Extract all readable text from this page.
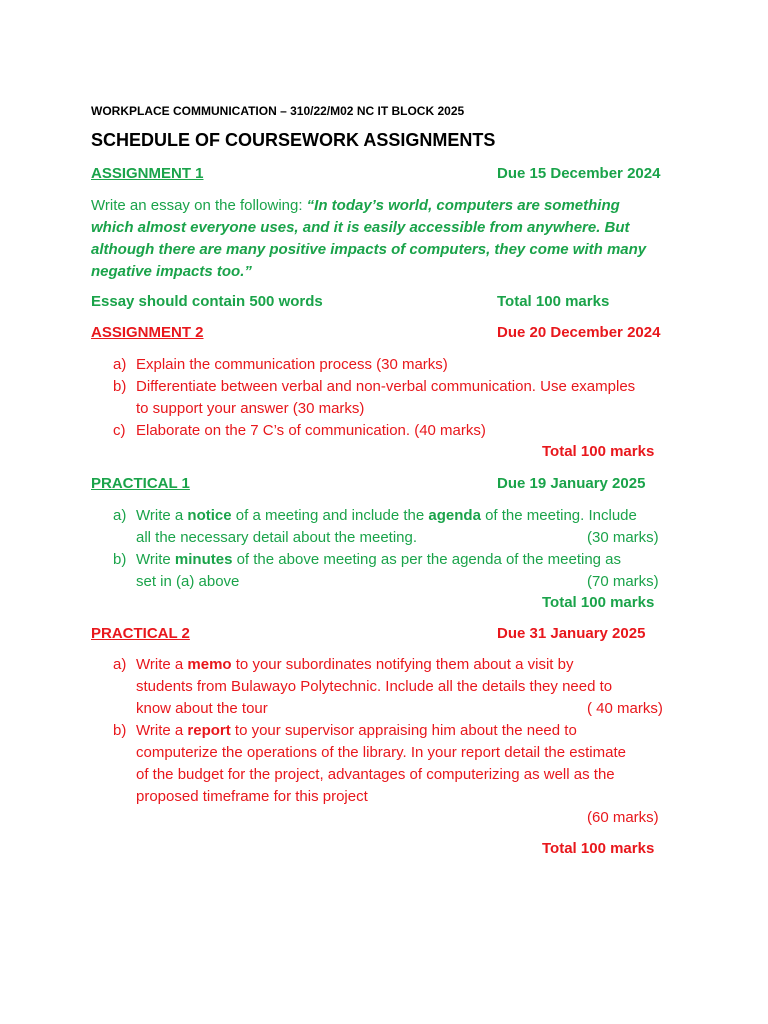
WORKPLACE COMMUNICATION – 310/22/M02 NC IT BLOCK 2025
SCHEDULE OF COURSEWORK ASSIGNMENTS
ASSIGNMENT 1	Due 15 December 2024
Write an essay on the following: “In today’s world, computers are something
which almost everyone uses, and it is easily accessible from anywhere. But
although there are many positive impacts of computers, they come with many
negative impacts too.”
Essay should contain 500 words	Total 100 marks
ASSIGNMENT 2	Due 20 December 2024
a) Explain the communication process (30 marks)
b) Differentiate between verbal and non-verbal communication. Use examples
to support your answer (30 marks)
c) Elaborate on the 7 C’s of communication. (40 marks)
Total 100 marks
PRACTICAL 1	Due 19 January 2025
a) Write a notice of a meeting and include the agenda of the meeting. Include
all the necessary detail about the meeting.	(30 marks)
b) Write minutes of the above meeting as per the agenda of the meeting as
set in (a) above	(70 marks)
Total 100 marks
PRACTICAL 2	Due 31 January 2025
a) Write a memo to your subordinates notifying them about a visit by
students from Bulawayo Polytechnic. Include all the details they need to
know about the tour	( 40 marks)
b) Write a report to your supervisor appraising him about the need to
computerize the operations of the library. In your report detail the estimate
of the budget for the project, advantages of computerizing as well as the
proposed timeframe for this project
(60 marks)
Total 100 marks
